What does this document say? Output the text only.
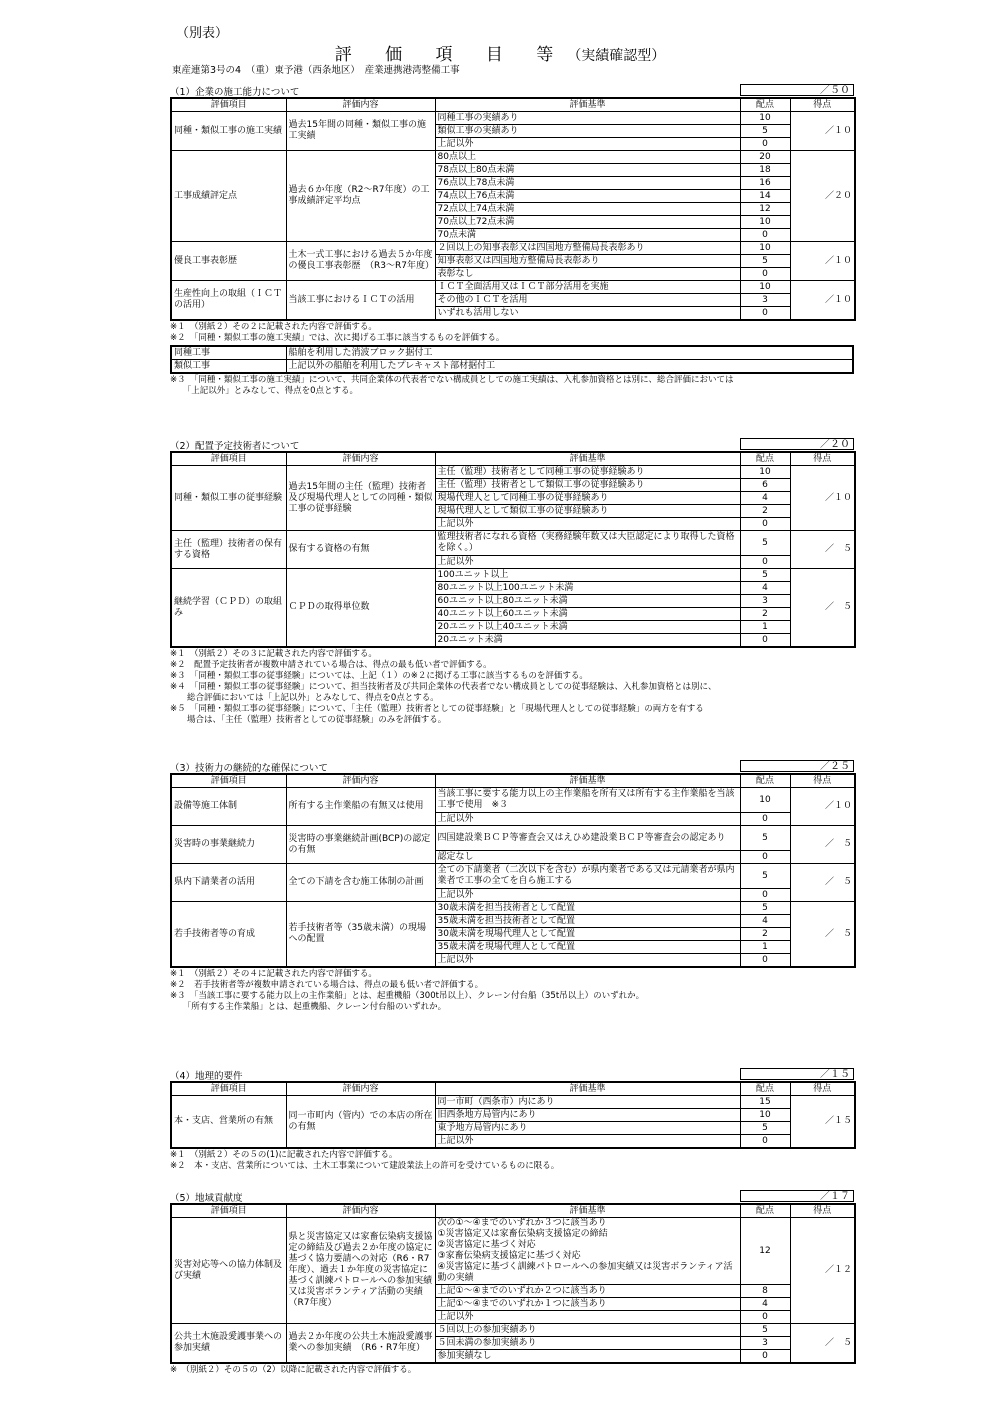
（別表）
評 価 項 目 等（実績確認型）
東産連第3号の4　（重）東予港（西条地区）　産業連携港湾整備工事
（1）企業の施工能力について	／５０
評価項目	評価内容	評価基準	配点	得点
同種・類似工事の施工実績	過去15年間の同種・類似工事の施工実績	同種工事の実績あり	10	／１０
		類似工事の実績あり	5	
		上記以外	0	
工事成績評定点	過去６か年度（R2～R7年度）の工事成績評定平均点	80点以上	20	／２０
		78点以上80点未満	18	
		76点以上78点未満	16	
		74点以上76点未満	14	
		72点以上74点未満	12	
		70点以上72点未満	10	
		70点未満	0	
優良工事表彰歴	土木一式工事における過去５か年度の優良工事表彰歴　（R3～R7年度）	２回以上の知事表彰又は四国地方整備局長表彰あり	10	／１０
		知事表彰又は四国地方整備局長表彰あり	5	
		表彰なし	0	
生産性向上の取組（ＩＣＴの活用）	当該工事におけるＩＣＴの活用	ＩＣＴ全面活用又はＩＣＴ部分活用を実施	10	／１０
		その他のＩＣＴを活用	3	
		いずれも活用しない	0	
※１　（別紙２）その２に記載された内容で評価する。
※２　「同種・類似工事の施工実績」では、次に掲げる工事に該当するものを評価する。
同種工事	船舶を利用した消波ブロック据付工
類似工事	上記以外の船舶を利用したプレキャスト部材据付工
※３　「同種・類似工事の施工実績」について、共同企業体の代表者でない構成員としての施工実績は、入札参加資格とは別に、総合評価においては
　　「上記以外」とみなして、得点を0点とする。
（2）配置予定技術者について	／２０
評価項目	評価内容	評価基準	配点	得点
同種・類似工事の従事経験	過去15年間の主任（監理）技術者及び現場代理人としての同種・類似工事の従事経験	主任（監理）技術者として同種工事の従事経験あり	10	／１０
		主任（監理）技術者として類似工事の従事経験あり	6	
		現場代理人として同種工事の従事経験あり	4	
		現場代理人として類似工事の従事経験あり	2	
		上記以外	0	
主任（監理）技術者の保有する資格	保有する資格の有無	監理技術者になれる資格（実務経験年数又は大臣認定により取得した資格を除く。）	5	／　５
		上記以外	0	
継続学習（ＣＰＤ）の取組み	ＣＰＤの取得単位数	100ユニット以上	5	／　５
		80ユニット以上100ユニット未満	4	
		60ユニット以上80ユニット未満	3	
		40ユニット以上60ユニット未満	2	
		20ユニット以上40ユニット未満	1	
		20ユニット未満	0	
※１　（別紙２）その３に記載された内容で評価する。
※２　配置予定技術者が複数申請されている場合は、得点の最も低い者で評価する。
※３　「同種・類似工事の従事経験」については、上記（１）の※２に掲げる工事に該当するものを評価する。
※４　「同種・類似工事の従事経験」について、担当技術者及び共同企業体の代表者でない構成員としての従事経験は、入札参加資格とは別に、
　　総合評価においては「上記以外」とみなして、得点を0点とする。
※５　「同種・類似工事の従事経験」について、「主任（監理）技術者としての従事経験」と「現場代理人としての従事経験」の両方を有する
　　場合は、「主任（監理）技術者としての従事経験」のみを評価する。
（3）技術力の継続的な確保について	／２５
評価項目	評価内容	評価基準	配点	得点
設備等施工体制	所有する主作業船の有無又は使用	当該工事に要する能力以上の主作業船を所有又は所有する主作業船を当該工事で使用　※３	10	／１０
		上記以外	0	
災害時の事業継続力	災害時の事業継続計画(BCP)の認定の有無	四国建設業ＢＣＰ等審査会又はえひめ建設業ＢＣＰ等審査会の認定あり	5	／　５
		認定なし	0	
県内下請業者の活用	全ての下請を含む施工体制の計画	全ての下請業者（二次以下を含む）が県内業者である又は元請業者が県内業者で工事の全てを自ら施工する	5	／　５
		上記以外	0	
若手技術者等の育成	若手技術者等（35歳未満）の現場への配置	30歳未満を担当技術者として配置	5	／　５
		35歳未満を担当技術者として配置	4	
		30歳未満を現場代理人として配置	2	
		35歳未満を現場代理人として配置	1	
		上記以外	0	
※１　（別紙２）その４に記載された内容で評価する。
※２　若手技術者等が複数申請されている場合は、得点の最も低い者で評価する。
※３　「当該工事に要する能力以上の主作業船」とは、起重機船（300t吊以上）、クレーン付台船（35t吊以上）のいずれか。
　　「所有する主作業船」とは、起重機船、クレーン付台船のいずれか。
（4）地理的要件	／１５
評価項目	評価内容	評価基準	配点	得点
本・支店、営業所の有無	同一市町内（管内）での本店の所在の有無	同一市町（西条市）内にあり	15	／１５
		旧西条地方局管内にあり	10	
		東予地方局管内にあり	5	
		上記以外	0	
※１　（別紙２）その５の(1)に記載された内容で評価する。
※２　本・支店、営業所については、土木工事業について建設業法上の許可を受けているものに限る。
（5）地域貢献度	／１７
評価項目	評価内容	評価基準	配点	得点
災害対応等への協力体制及び実績	県と災害協定又は家畜伝染病支援協定の締結及び過去２か年度の協定に基づく協力要請への対応（R6・R7年度）、過去１か年度の災害協定に基づく訓練パトロールへの参加実績又は災害ボランティア活動の実績（R7年度）	次の①～④までのいずれか３つに該当あり
①災害協定又は家畜伝染病支援協定の締結
②災害協定に基づく対応
③家畜伝染病支援協定に基づく対応
④災害協定に基づく訓練パトロールへの参加実績又は災害ボランティア活動の実績	12	／１２
		上記①～④までのいずれか２つに該当あり	8	
		上記①～④までのいずれか１つに該当あり	4	
		上記以外	0	
公共土木施設愛護事業への参加実績	過去２か年度の公共土木施設愛護事業への参加実績　（R6・R7年度）	５回以上の参加実績あり	5	／　５
		５回未満の参加実績あり	3	
		参加実績なし	0	
※　（別紙２）その５の（2）以降に記載された内容で評価する。
